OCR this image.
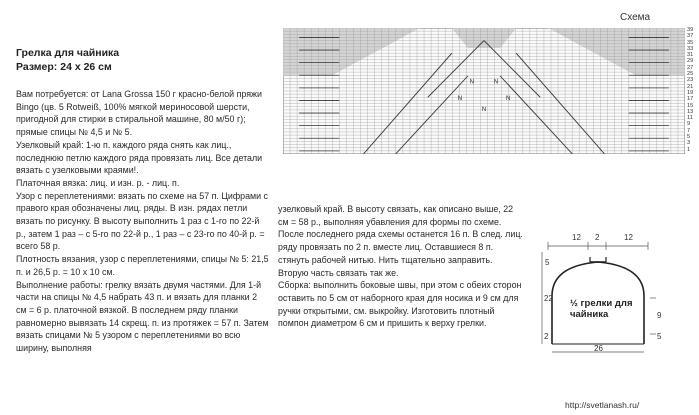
Схема
N
N
N
N	N
39
37
35
33
31
29
27
25
23
21
19
17
15
13
11
9
7
5
3
1
Грелка для чайника
Размер: 24 х 26 см

Вам потребуется: от Lana Grossa 150 г красно-белой пряжи Bingo (цв. 5 Rotweiß, 100% мягкой мериносовой шерсти, пригодной для стирки в стиральной машине, 80 м/50 г); прямые спицы № 4,5 и № 5.

Узелковый край: 1-ю п. каждого ряда снять как лиц., последнюю петлю каждого ряда провязать лиц. Все детали вязать с узелковыми краями!.

Платочная вязка: лиц. и изн. р. - лиц. п.

Узор с переплетениями: вязать по схеме на 57 п. Цифрами с правого края обозначены лиц. ряды. В изн. рядах петли вязать по рисунку. В высоту выполнить 1 раз с 1-го по 22-й р., затем 1 раз – с 5-го по 22-й р., 1 раз – с 23-го по 40-й р. = всего 58 р.

Плотность вязания, узор с переплетениями, спицы № 5: 21,5 п. и 26,5 р. = 10 х 10 см.

Выполнение работы: грелку вязать двумя частями. Для 1-й части на спицы № 4,5 набрать 43 п. и вязать для планки 2 см = 6 р. платочной вязкой. В последнем ряду планки равномерно вывязать 14 скрещ. п. из протяжек = 57 п. Затем вязать спицами № 5 узором с переплетениями во всю ширину, выполняя

узелковый край. В высоту связать, как описано выше, 22 см = 58 р., выполняя убавления для формы по схеме. После последнего ряда схемы останется 16 п. В след. лиц. ряду провязать по 2 п. вместе лиц. Оставшиеся 8 п. стянуть рабочей нитью. Нить тщательно заправить. Вторую часть связать так же.

Сборка: выполнить боковые швы, при этом с обеих сторон оставить по 5 см от наборного края для носика и 9 см для ручки открытыми, см. выкройку. Изготовить плотный помпон диаметром 6 см и пришить к верху грелки.

12 2	12
5
22
9
2	5
26
½ грелки для чайника
http://svetlanash.ru/
